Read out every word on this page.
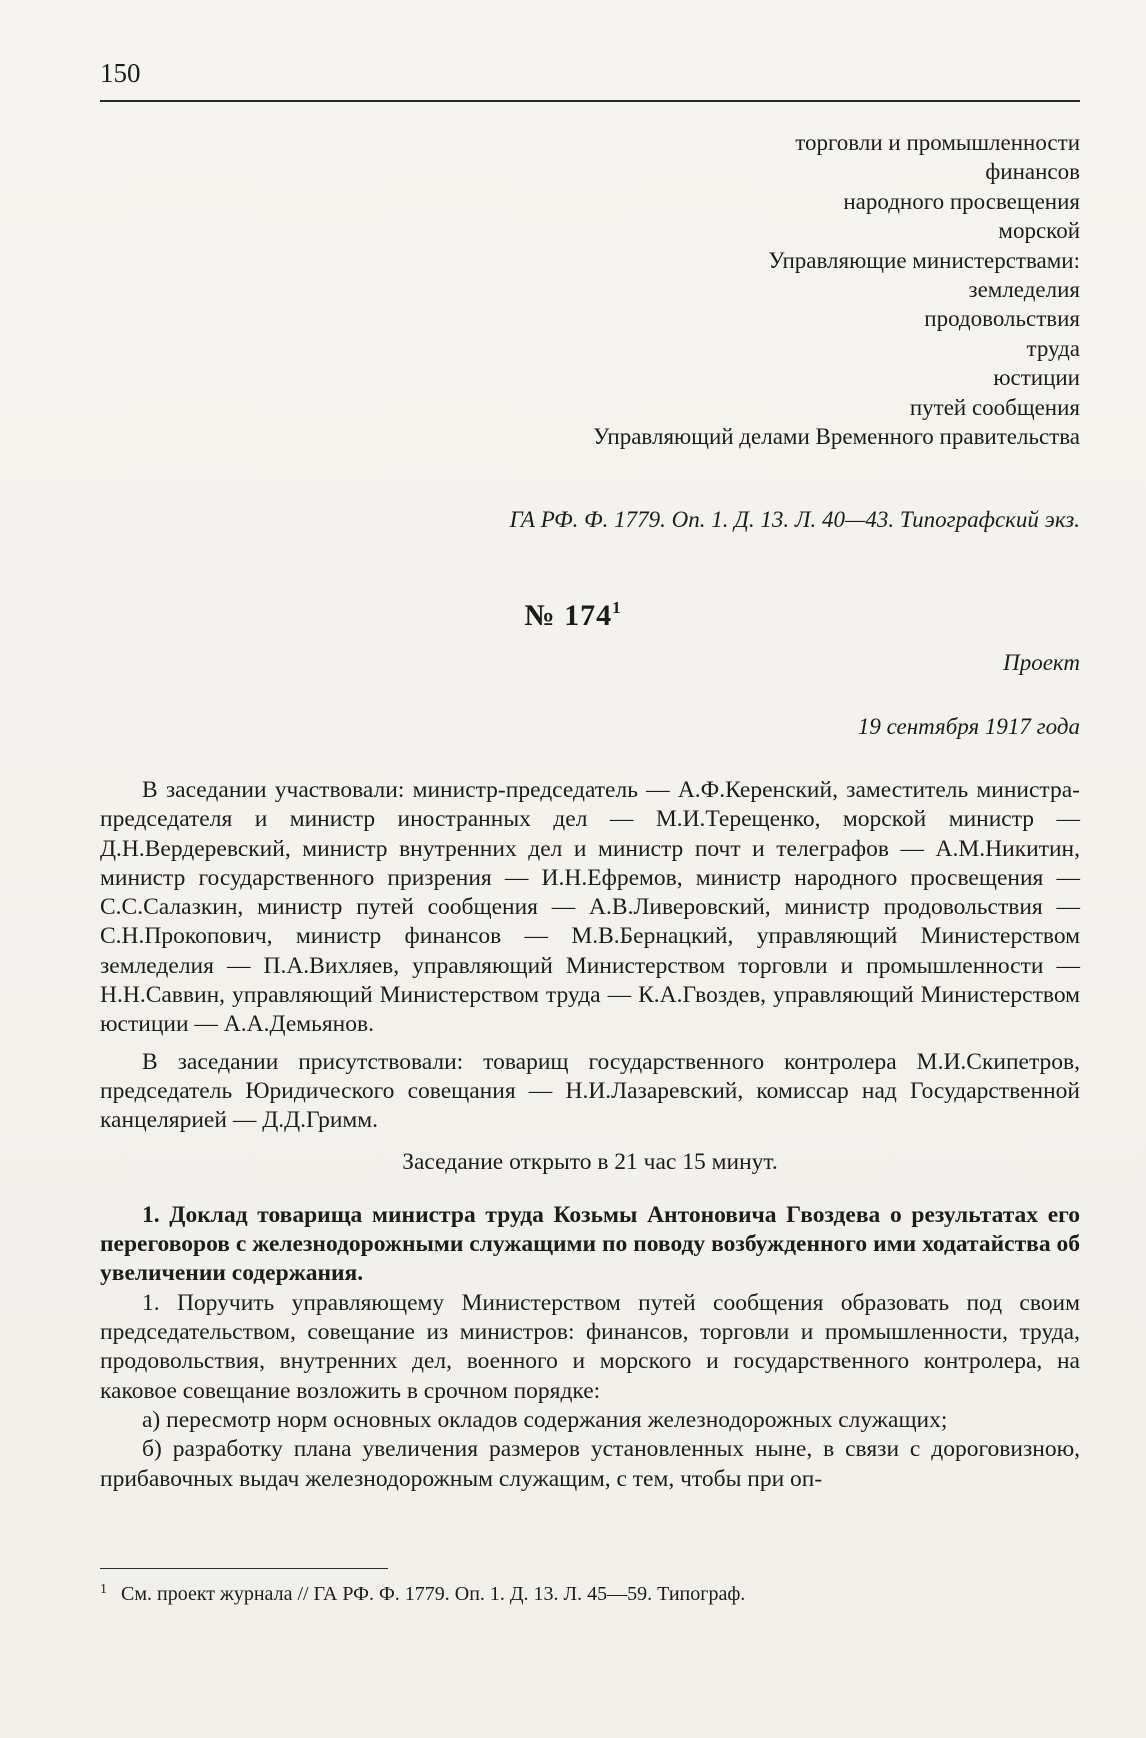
150
торговли и промышленности
финансов
народного просвещения
морской
Управляющие министерствами:
земледелия
продовольствия
труда
юстиции
путей сообщения
Управляющий делами Временного правительства
ГА РФ. Ф. 1779. Оп. 1. Д. 13. Л. 40—43. Типографский экз.
№ $174^1$
Проект
19 сентября 1917 года

В заседании участвовали: министр-председатель — А.Ф.Керенский, заместитель министра-председателя и министр иностранных дел — М.И.Терещенко, морской министр — Д.Н.Вердеревский, министр внутренних дел и министр почт и телеграфов — А.М.Никитин, министр государственного призрения — И.Н.Ефремов, министр народного просвещения — С.С.Салазкин, министр путей сообщения — А.В.Ливеровский, министр продовольствия — С.Н.Прокопович, министр финансов — М.В.Бернацкий, управляющий Министерством земледелия — П.А.Вихляев, управляющий Министерством торговли и промышленности — Н.Н.Саввин, управляющий Министерством труда — К.А.Гвоздев, управляющий Министерством юстиции — А.А.Демьянов.

В заседании присутствовали: товарищ государственного контролера М.И.Скипетров, председатель Юридического совещания — Н.И.Лазаревский, комиссар над Государственной канцелярией — Д.Д.Гримм.

Заседание открыто в 21 час 15 минут.

1. Доклад товарища министра труда Козьмы Антоновича Гвоздева о результатах его переговоров с железнодорожными служащими по поводу возбужденного ими ходатайства об увеличении содержания.

1. Поручить управляющему Министерством путей сообщения образовать под своим председательством, совещание из министров: финансов, торговли и промышленности, труда, продовольствия, внутренних дел, военного и морского и государственного контролера, на каковое совещание возложить в срочном порядке:

а) пересмотр норм основных окладов содержания железнодорожных служащих;

б) разработку плана увеличения размеров установленных ныне, в связи с дороговизною, прибавочных выдач железнодорожным служащим, с тем, чтобы при оп-

$^1$ См. проект журнала // ГА РФ. Ф. 1779. Оп. 1. Д. 13. Л. 45—59. Типограф.
